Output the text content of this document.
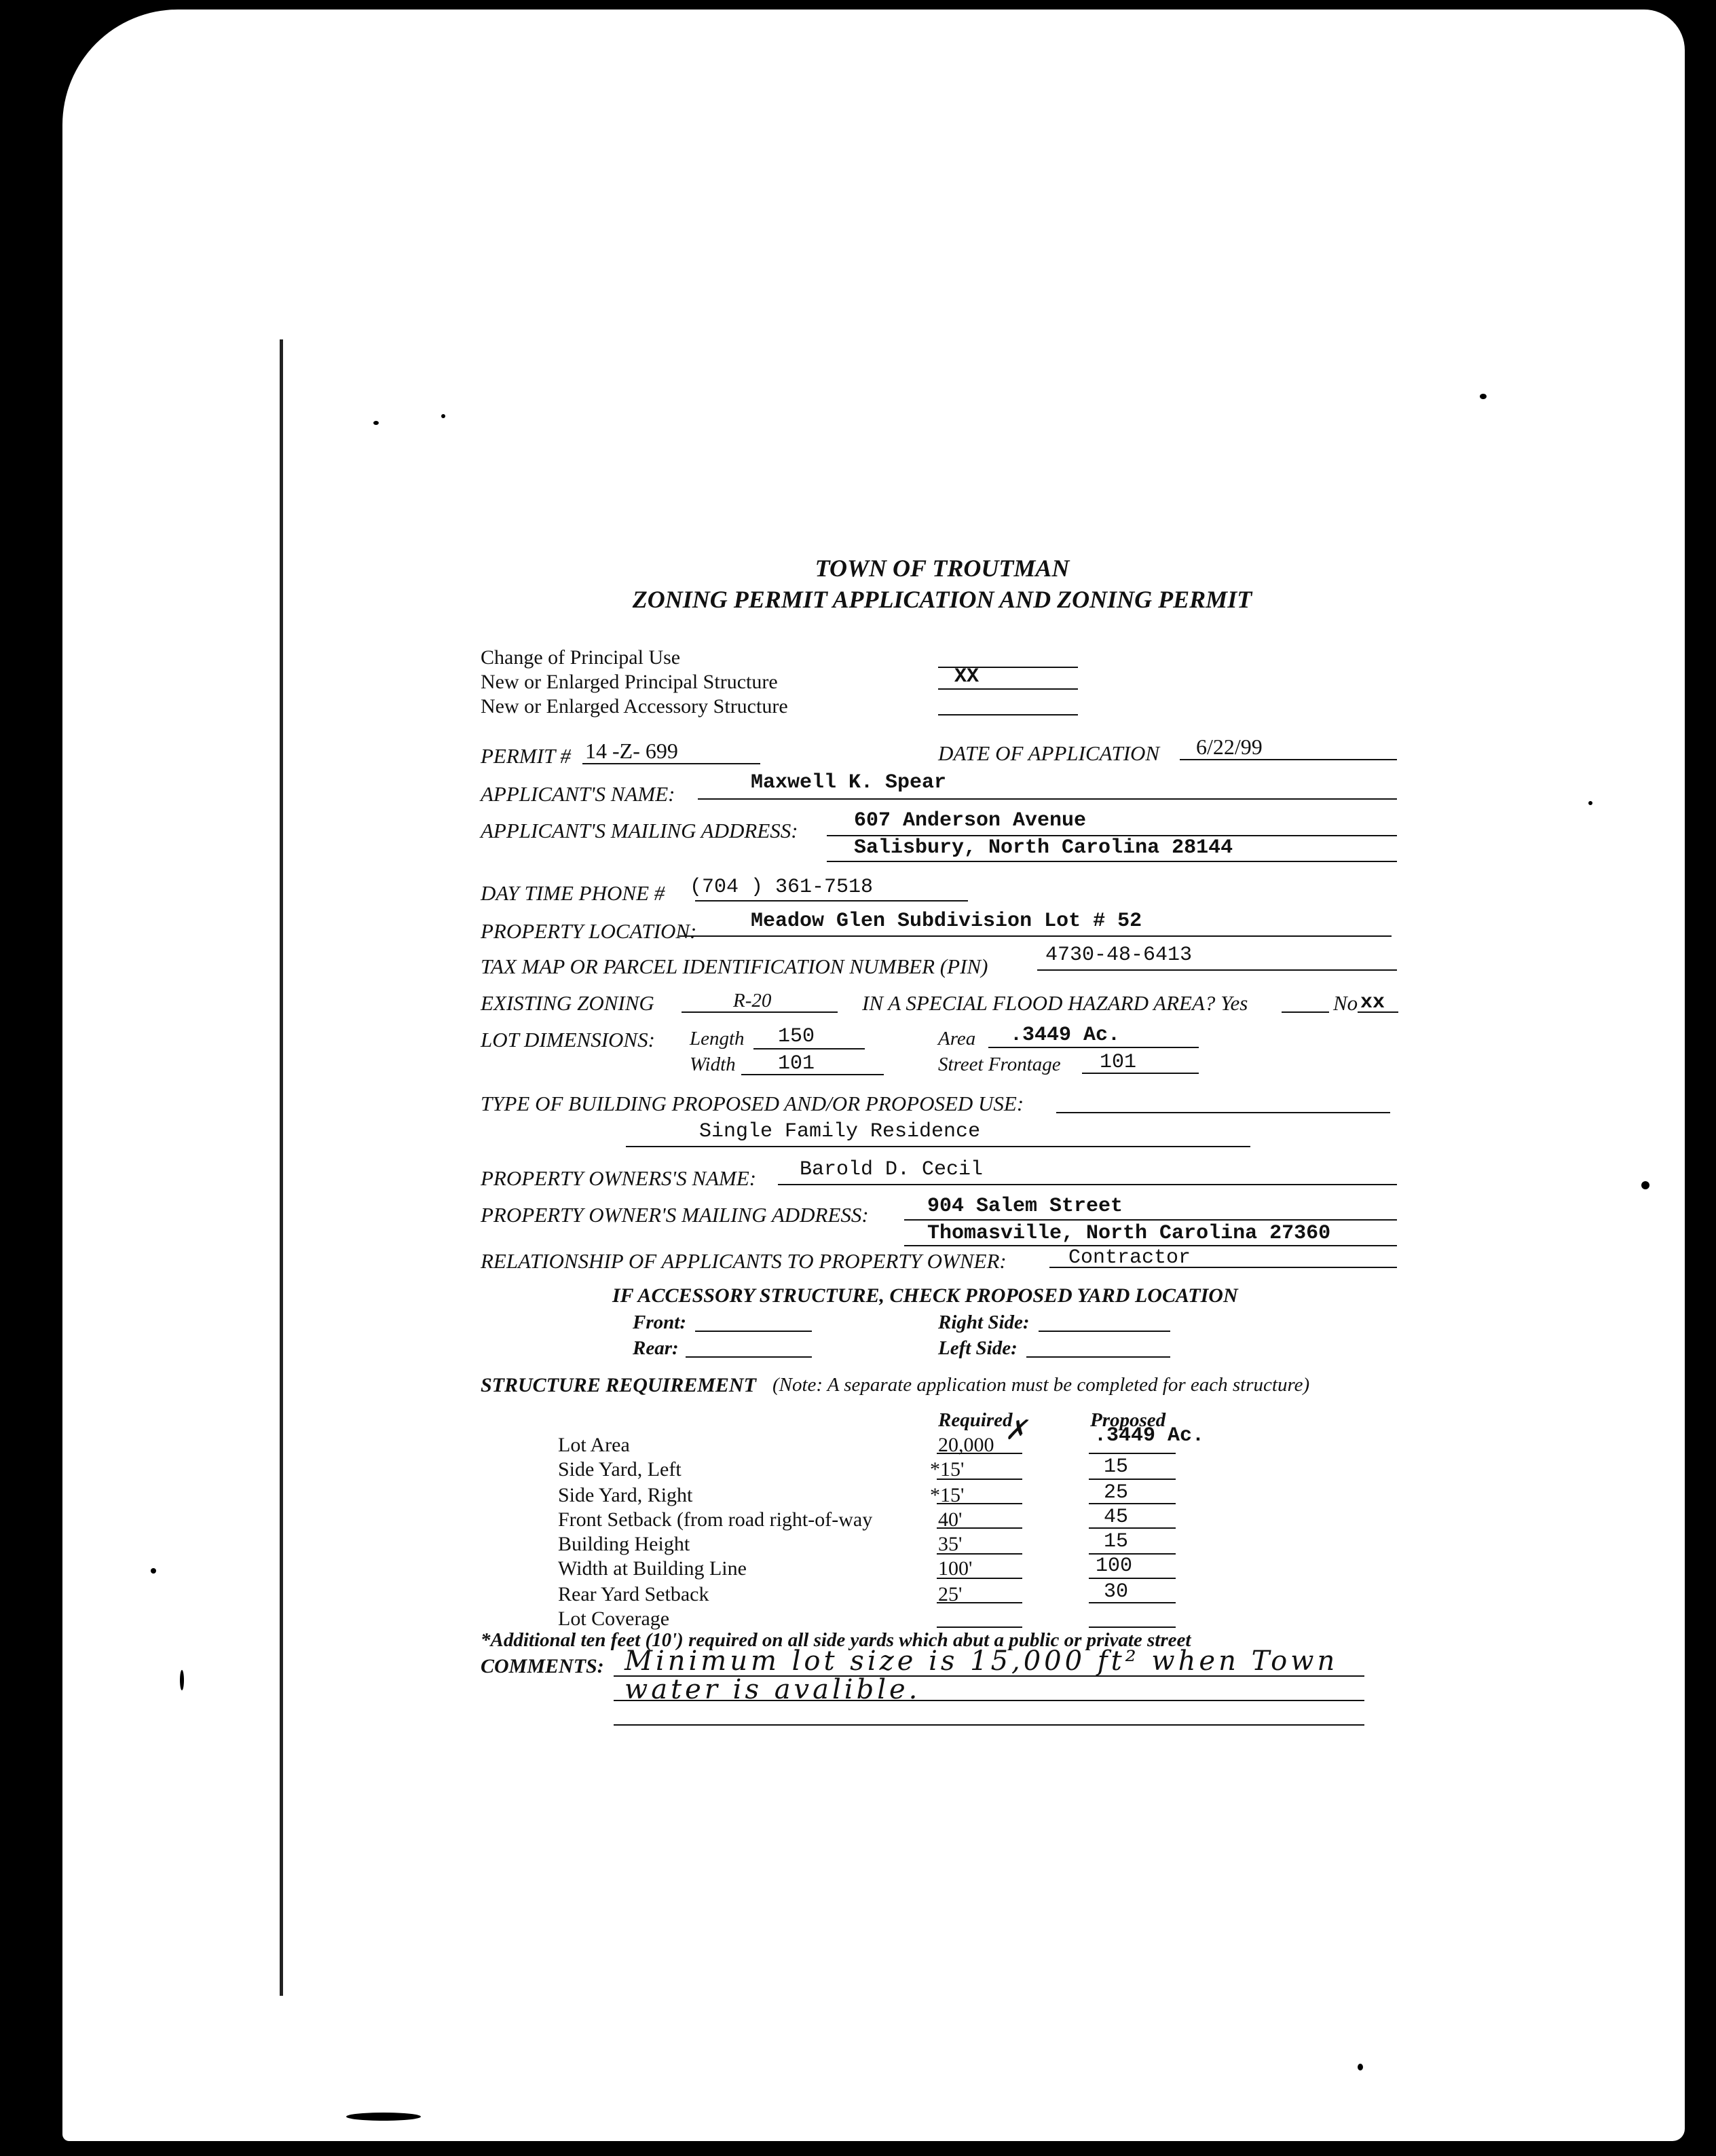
TOWN OF TROUTMAN
ZONING PERMIT APPLICATION AND ZONING PERMIT
Change of Principal Use
New or Enlarged Principal Structure	XX
New or Enlarged Accessory Structure
PERMIT # 14 -Z- 699	DATE OF APPLICATION 6/22/99
APPLICANT'S NAME:	Maxwell K. Spear
APPLICANT'S MAILING ADDRESS:	607 Anderson Avenue
Salisbury, North Carolina 28144
DAY TIME PHONE # (704 ) 361-7518
PROPERTY LOCATION:	Meadow Glen Subdivision Lot # 52
TAX MAP OR PARCEL IDENTIFICATION NUMBER (PIN)	4730-48-6413
EXISTING ZONING	R-20	IN A SPECIAL FLOOD HAZARD AREA? Yes	No xx
LOT DIMENSIONS: Length 150	Area .3449 Ac.
Width 101	Street Frontage 101
TYPE OF BUILDING PROPOSED AND/OR PROPOSED USE:
Single Family Residence
PROPERTY OWNERS'S NAME: Barold D. Cecil
PROPERTY OWNER'S MAILING ADDRESS:	904 Salem Street
Thomasville, North Carolina 27360
RELATIONSHIP OF APPLICANTS TO PROPERTY OWNER:	Contractor
IF ACCESSORY STRUCTURE, CHECK PROPOSED YARD LOCATION
Front:	Right Side:
Rear:	Left Side:
STRUCTURE REQUIREMENT (Note: A separate application must be completed for each structure)
Required	Proposed
✗
Lot Area	20,000	.3449 Ac.
Side Yard, Left	*15'	15
Side Yard, Right	*15'	25
Front Setback (from road right-of-way	40'	45
Building Height	35'	15
Width at Building Line	100'	100
Rear Yard Setback	25'	30
Lot Coverage
*Additional ten feet (10') required on all side yards which abut a public or private street
COMMENTS: Minimum lot size is 15,000 ft² when Town
water is avalible.
